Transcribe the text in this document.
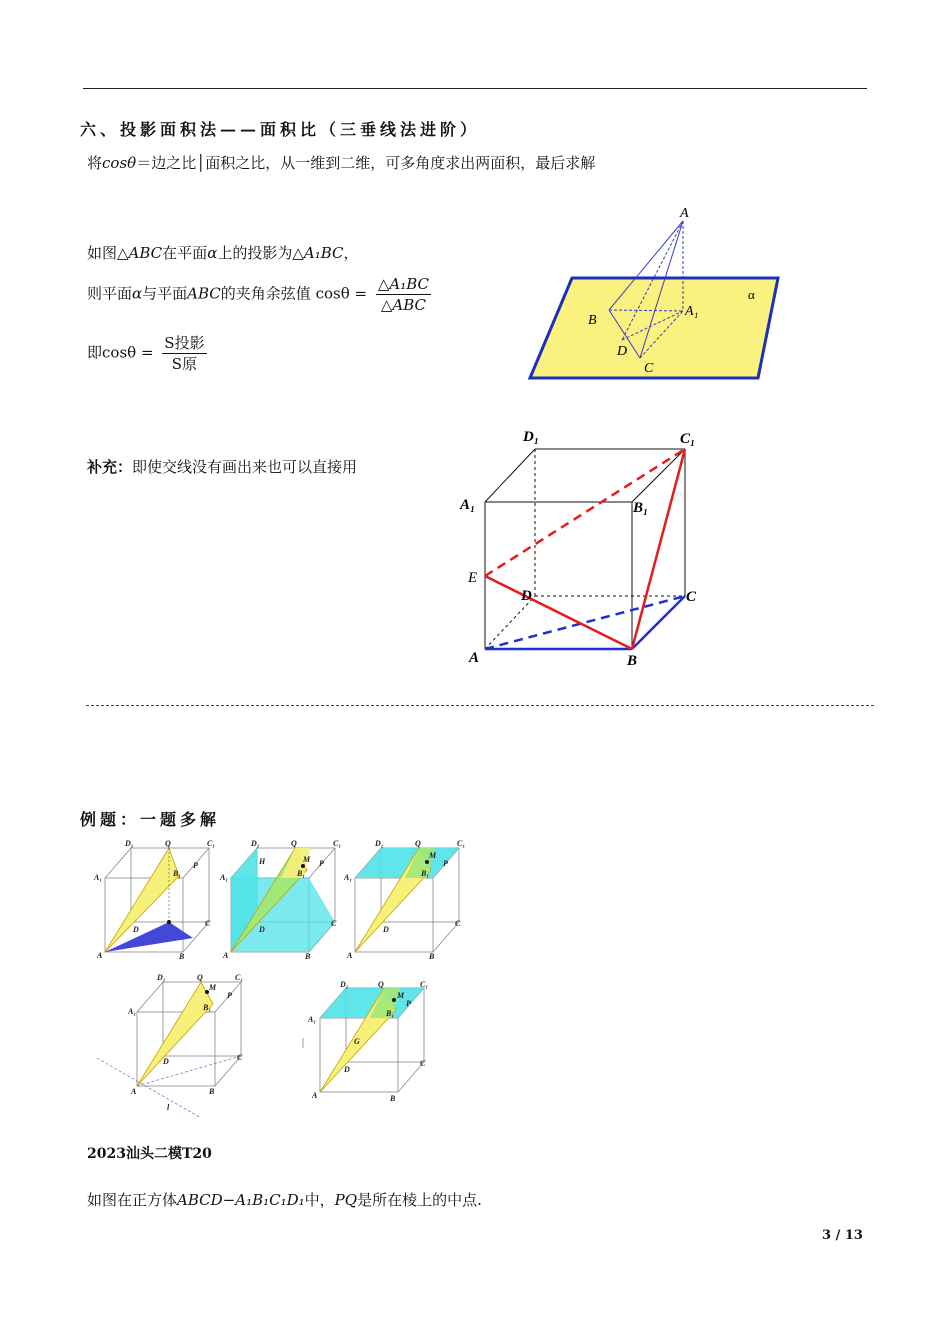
六、投影面积法——面积比（三垂线法进阶）
将cosθ＝边之比│面积之比，从一维到二维，可多角度求出两面积，最后求解
如图△ABC在平面α上的投影为△A₁BC，
则平面α与平面ABC的夹角余弦值 $\cos\theta = \frac{\text{△A₁BC}}{\text{△ABC}}$
即$\cos\theta = \frac{\text{S投影}}{\text{S原}}$
A
A₁
B
D
C
α
补充：即使交线没有画出来也可以直接用
D₁	C₁
A₁	B₁
E
D	C
A	B
例题：一题多解
D₁	Q	C₁
P
A₁	B₁
D
C
A	B
D₁	Q	C₁
H	M P
A₁	B₁
D
C
A	B
D₁	Q	C₁
M
P
A₁	B₁
D
C
A	B
D₁	Q	C₁
M
P
A₁	B₁
D	C
A	B
l
D₁	Q	C₁
M
P
A₁
B₁
G
D
C
A	B
2023汕头二模T20
如图在正方体ABCD−A₁B₁C₁D₁中，PQ是所在棱上的中点.
3 / 13
